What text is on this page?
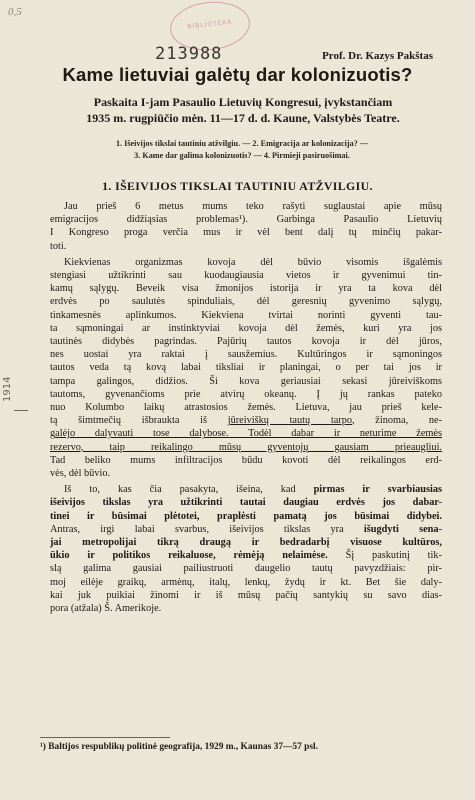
0,5
BIBLIOTEKA
213988
1914
Prof. Dr. Kazys Pakštas
Kame lietuviai galėtų dar kolonizuotis?
Paskaita I-jam Pasaulio Lietuvių Kongresui, įvykstančiam
1935 m. rugpiūčio mėn. 11—17 d. d. Kaune, Valstybės Teatre.
1. Išeivijos tikslai tautiniu atžvilgiu. — 2. Emigracija ar kolonizacija? —
3. Kame dar galima kolonizuotis? — 4. Pirmieji pasiruošimai.
1. IŠEIVIJOS TIKSLAI TAUTINIU ATŽVILGIU.

Jau prieš 6 metus mums teko rašyti suglaustai apie mūsų
emigracijos didžiąsias problemas¹). Garbinga Pasaulio Lietuvių
I Kongreso proga verčia mus ir vėl bent dalį tų minčių pakar-
toti.

Kiekvienas organizmas kovoja dėl būvio visomis išgalėmis
stengiasi užtikrinti sau kuodaugiausia vietos ir gyvenimui tin-
kamų sąlygų. Beveik visa žmonijos istorija ir yra ta kova dėl
erdvės po saulutės spinduliais, dėl geresnių gyvenimo sąlygų,
tinkamesnės aplinkumos. Kiekviena tvirtai norinti gyventi tau-
ta sąmoningai ar instinktyviai kovoja dėl žemės, kuri yra jos
tautinės didybės pagrindas. Pajūrių tautos kovoja ir dėl jūros,
nes uostai yra raktai į sausžemius. Kultūringos ir sąmoningos
tautos veda tą kovą labai tiksliai ir planingai, o per tai jos ir
tampa galingos, didžios. Ši kova geriausiai sekasi jūreiviškoms
tautoms, gyvenančioms prie atvirų okeanų. Į jų rankas pateko
nuo Kolumbo laikų atrastosios žemės. Lietuva, jau prieš kele-
tą šimtmečių išbraukta iš jūreiviškų tautų tarpo, žinoma, ne-
galėjo dalyvauti tose dalybose. Todėl dabar ir neturime žemės
rezervo, taip reikalingo mūsų gyventojų gausiam prieaugliui.
Tad beliko mums infiltracijos būdu kovoti dėl reikalingos erd-
vės, dėl būvio.

Iš to, kas čia pasakyta, išeina, kad pirmas ir svarbiausias
išeivijos tikslas yra užtikrinti tautai daugiau erdvės jos dabar-
tinei ir būsimai plėtotei, praplėsti pamatą jos būsimai didybei.
Antras, irgi labai svarbus, išeivijos tikslas yra išugdyti sena-
jai metropolijai tikrą draugą ir bedradarbį visuose kultūros,
ūkio ir politikos reikaluose, rėmėją nelaimėse. Šį paskutinį tik-
slą galima gausiai pailiustruoti daugelio tautų pavyzdžiais: pir-
moj eilėje graikų, armėnų, italų, lenkų, žydų ir kt. Bet šie daly-
kai juk puikiai žinomi ir iš mūsų pačių santykių su savo dias-
pora (atžala) Š. Amerikoje.

¹) Baltijos respublikų politinė geografija, 1929 m., Kaunas 37—57 psl.
